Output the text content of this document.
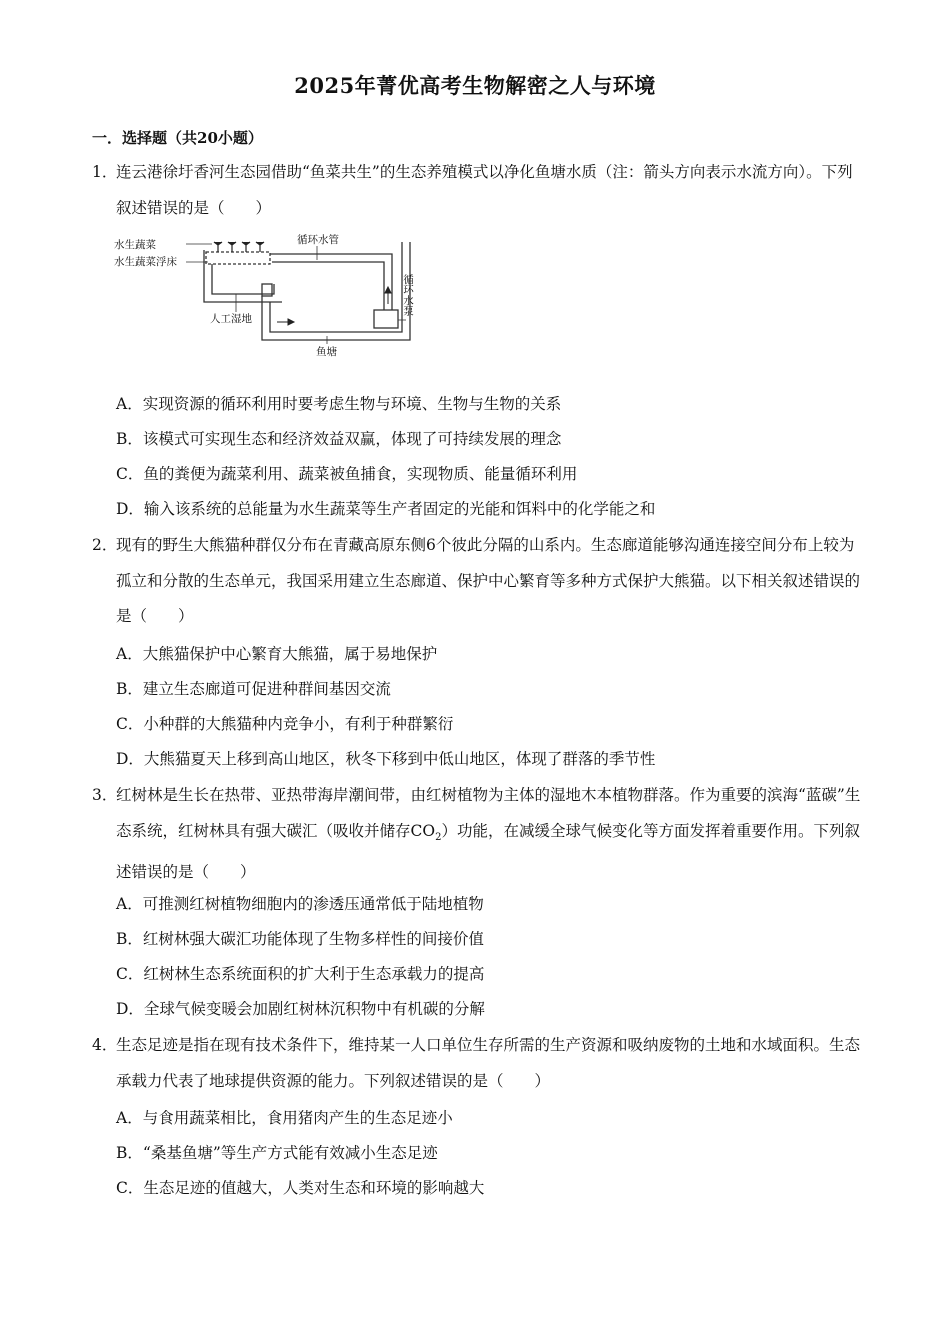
2025年菁优高考生物解密之人与环境
一．选择题（共20小题）
1．
连云港徐圩香河生态园借助“鱼菜共生”的生态养殖模式以净化鱼塘水质（注：箭头方向表示水流方向）。下列叙述错误的是（　　）
水生蔬菜
水生蔬菜浮床
循环水管
人工湿地
鱼塘
循环水泵
A．实现资源的循环利用时要考虑生物与环境、生物与生物的关系
B．该模式可实现生态和经济效益双赢，体现了可持续发展的理念
C．鱼的粪便为蔬菜利用、蔬菜被鱼捕食，实现物质、能量循环利用
D．输入该系统的总能量为水生蔬菜等生产者固定的光能和饵料中的化学能之和
2．
现有的野生大熊猫种群仅分布在青藏高原东侧6个彼此分隔的山系内。生态廊道能够沟通连接空间分布上较为孤立和分散的生态单元，我国采用建立生态廊道、保护中心繁育等多种方式保护大熊猫。以下相关叙述错误的是（　　）
A．大熊猫保护中心繁育大熊猫，属于易地保护
B．建立生态廊道可促进种群间基因交流
C．小种群的大熊猫种内竞争小，有利于种群繁衍
D．大熊猫夏天上移到高山地区，秋冬下移到中低山地区，体现了群落的季节性
3．
红树林是生长在热带、亚热带海岸潮间带，由红树植物为主体的湿地木本植物群落。作为重要的滨海“蓝碳”生态系统，红树林具有强大碳汇（吸收并储存$CO_2$）功能，在减缓全球气候变化等方面发挥着重要作用。下列叙述错误的是（　　）
A．可推测红树植物细胞内的渗透压通常低于陆地植物
B．红树林强大碳汇功能体现了生物多样性的间接价值
C．红树林生态系统面积的扩大利于生态承载力的提高
D．全球气候变暖会加剧红树林沉积物中有机碳的分解
4．
生态足迹是指在现有技术条件下，维持某一人口单位生存所需的生产资源和吸纳废物的土地和水域面积。生态承载力代表了地球提供资源的能力。下列叙述错误的是（　　）
A．与食用蔬菜相比，食用猪肉产生的生态足迹小
B．“桑基鱼塘”等生产方式能有效减小生态足迹
C．生态足迹的值越大，人类对生态和环境的影响越大
